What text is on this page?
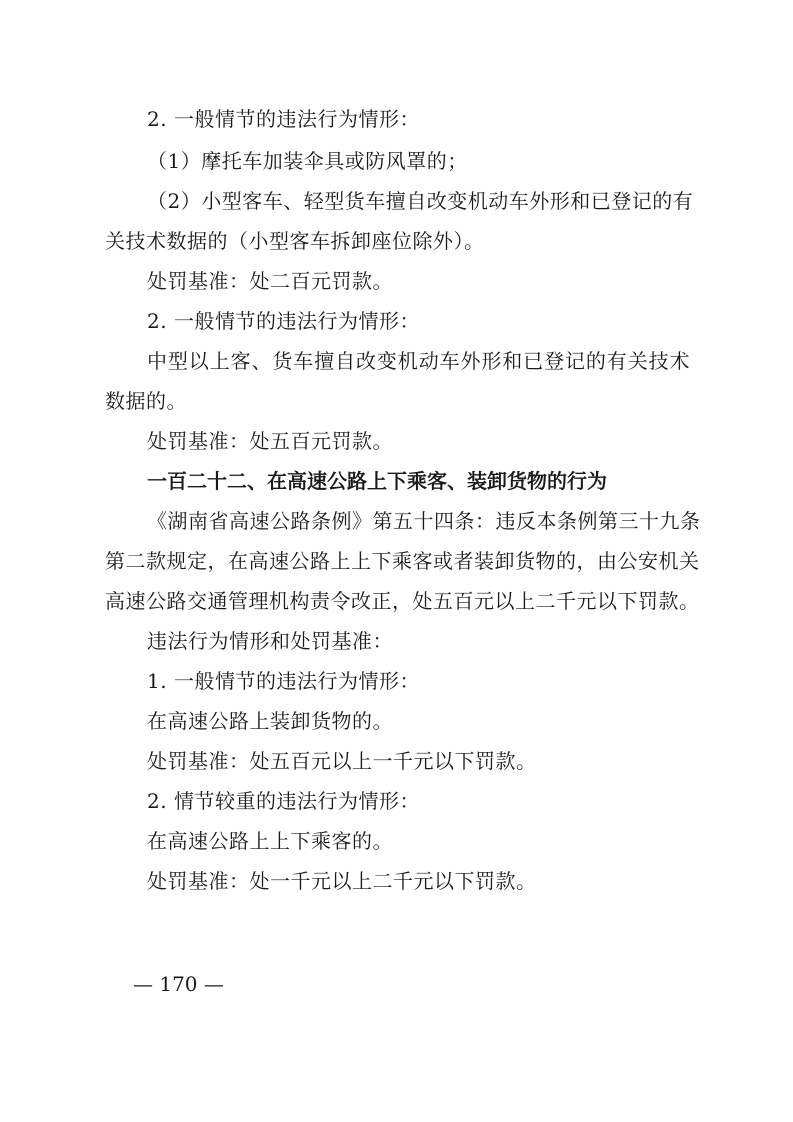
2. 一般情节的违法行为情形：
（1）摩托车加装伞具或防风罩的；
（2）小型客车、轻型货车擅自改变机动车外形和已登记的有
关技术数据的（小型客车拆卸座位除外）。
处罚基准：处二百元罚款。
2. 一般情节的违法行为情形：
中型以上客、货车擅自改变机动车外形和已登记的有关技术
数据的。
处罚基准：处五百元罚款。
一百二十二、在高速公路上下乘客、装卸货物的行为
《湖南省高速公路条例》第五十四条：违反本条例第三十九条
第二款规定，在高速公路上上下乘客或者装卸货物的，由公安机关
高速公路交通管理机构责令改正，处五百元以上二千元以下罚款。
违法行为情形和处罚基准：
1. 一般情节的违法行为情形：
在高速公路上装卸货物的。
处罚基准：处五百元以上一千元以下罚款。
2. 情节较重的违法行为情形：
在高速公路上上下乘客的。
处罚基准：处一千元以上二千元以下罚款。
— 170 —
